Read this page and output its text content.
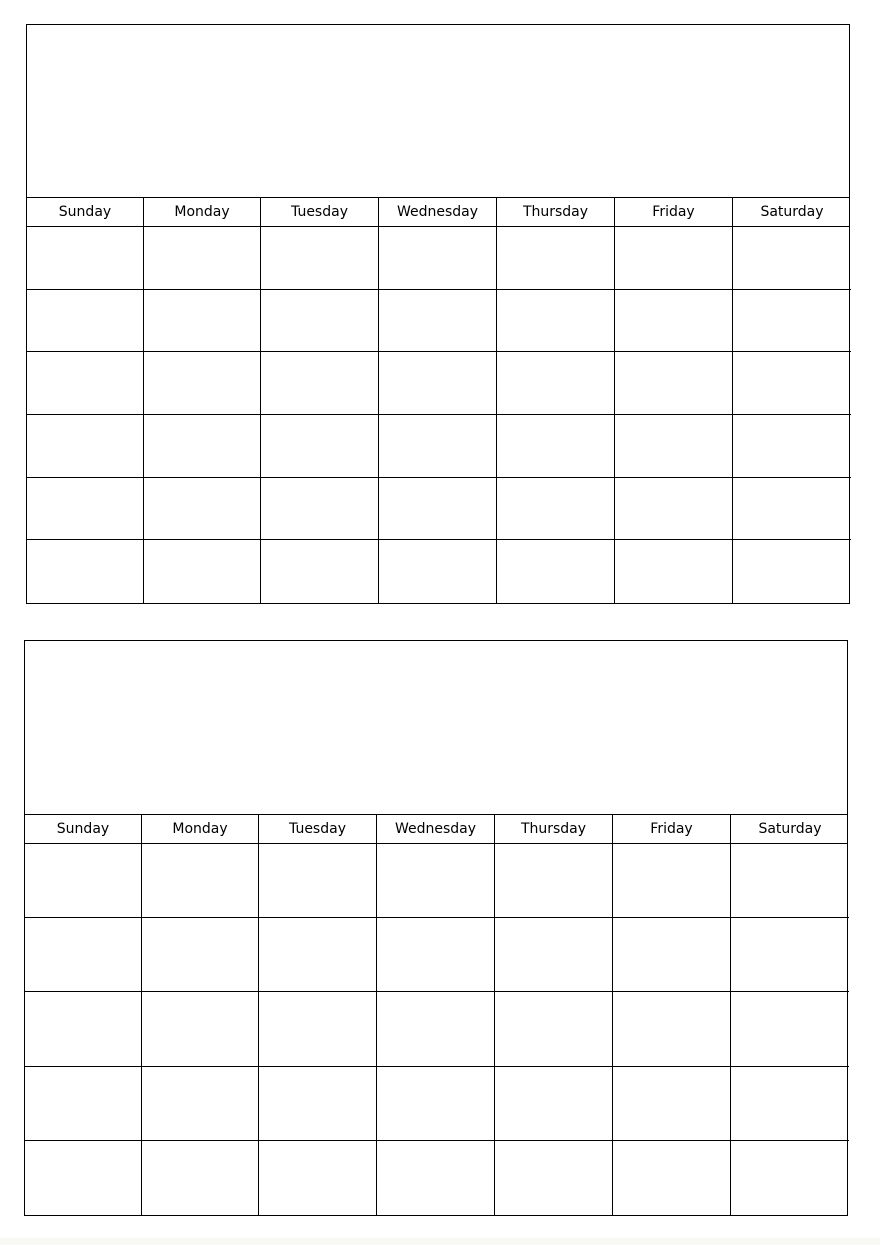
Sunday	Monday	Tuesday	Wednesday	Thursday	Friday	Saturday
Sunday	Monday	Tuesday	Wednesday	Thursday	Friday	Saturday
